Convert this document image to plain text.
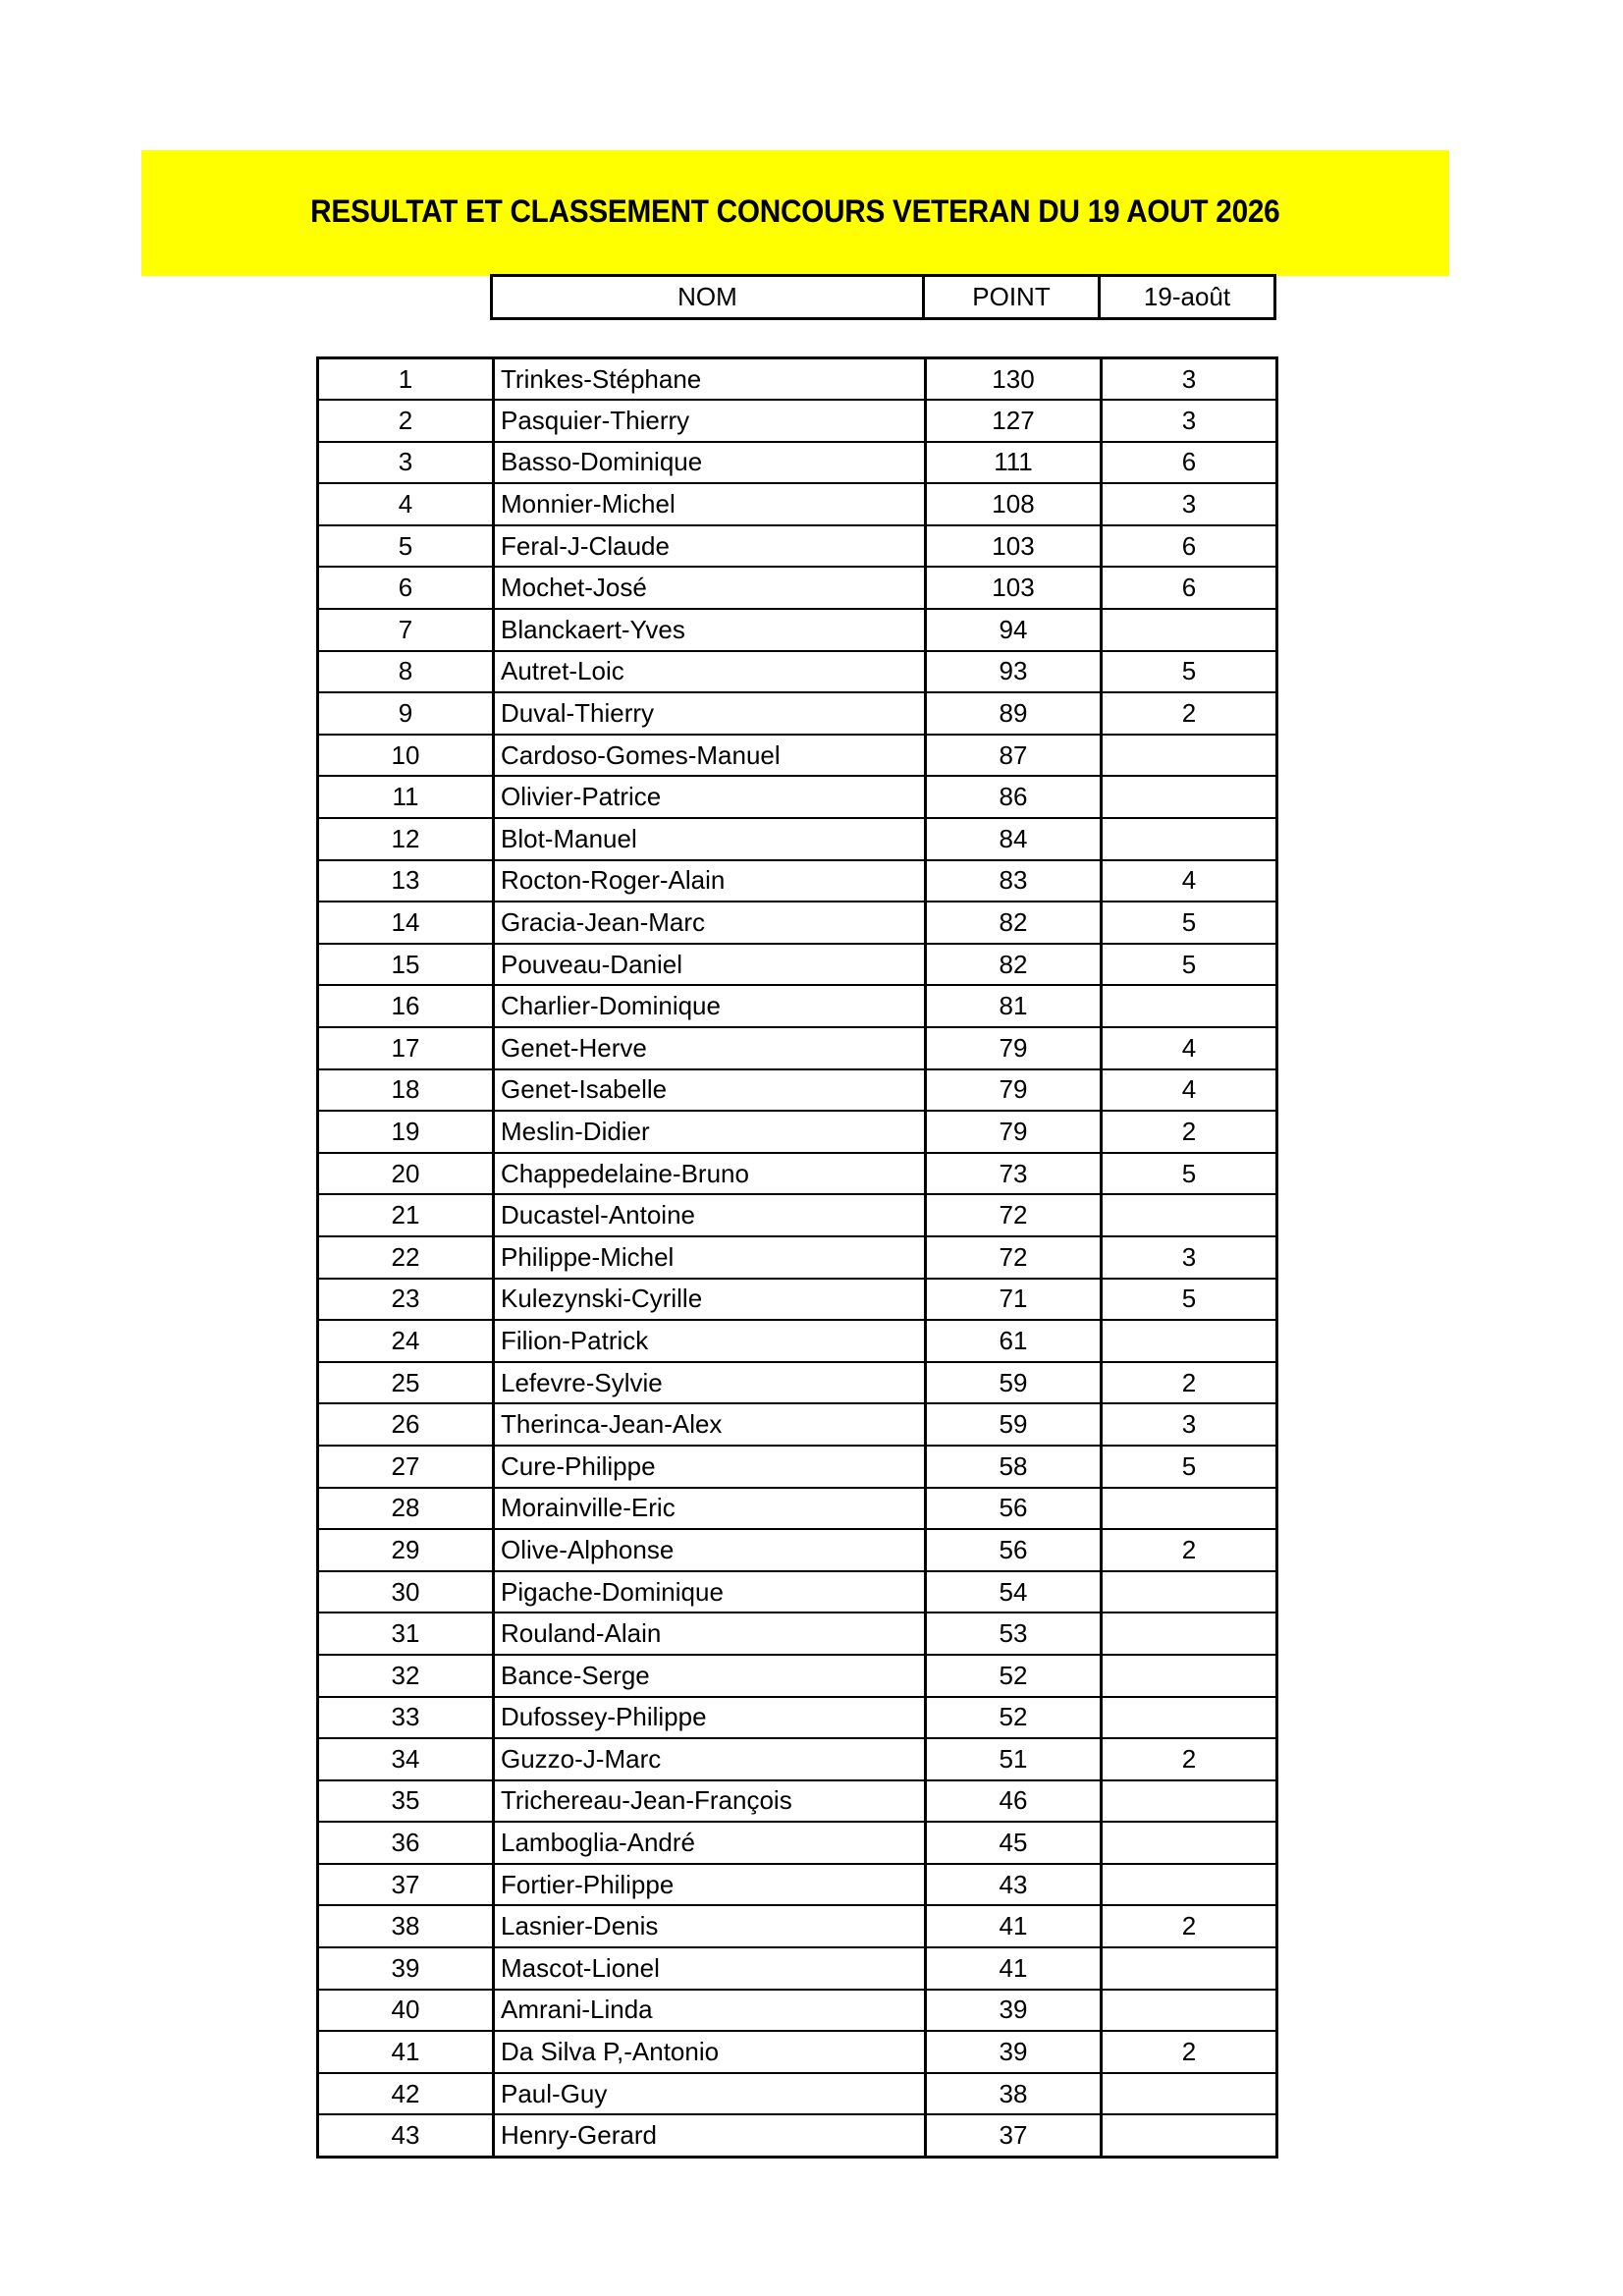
RESULTAT ET CLASSEMENT CONCOURS VETERAN DU 19 AOUT 2026
NOM	POINT	19-août
1	Trinkes-Stéphane	130	3
2	Pasquier-Thierry	127	3
3	Basso-Dominique	111	6
4	Monnier-Michel	108	3
5	Feral-J-Claude	103	6
6	Mochet-José	103	6
7	Blanckaert-Yves	94	
8	Autret-Loic	93	5
9	Duval-Thierry	89	2
10	Cardoso-Gomes-Manuel	87	
11	Olivier-Patrice	86	
12	Blot-Manuel	84	
13	Rocton-Roger-Alain	83	4
14	Gracia-Jean-Marc	82	5
15	Pouveau-Daniel	82	5
16	Charlier-Dominique	81	
17	Genet-Herve	79	4
18	Genet-Isabelle	79	4
19	Meslin-Didier	79	2
20	Chappedelaine-Bruno	73	5
21	Ducastel-Antoine	72	
22	Philippe-Michel	72	3
23	Kulezynski-Cyrille	71	5
24	Filion-Patrick	61	
25	Lefevre-Sylvie	59	2
26	Therinca-Jean-Alex	59	3
27	Cure-Philippe	58	5
28	Morainville-Eric	56	
29	Olive-Alphonse	56	2
30	Pigache-Dominique	54	
31	Rouland-Alain	53	
32	Bance-Serge	52	
33	Dufossey-Philippe	52	
34	Guzzo-J-Marc	51	2
35	Trichereau-Jean-François	46	
36	Lamboglia-André	45	
37	Fortier-Philippe	43	
38	Lasnier-Denis	41	2
39	Mascot-Lionel	41	
40	Amrani-Linda	39	
41	Da Silva P,-Antonio	39	2
42	Paul-Guy	38	
43	Henry-Gerard	37	
